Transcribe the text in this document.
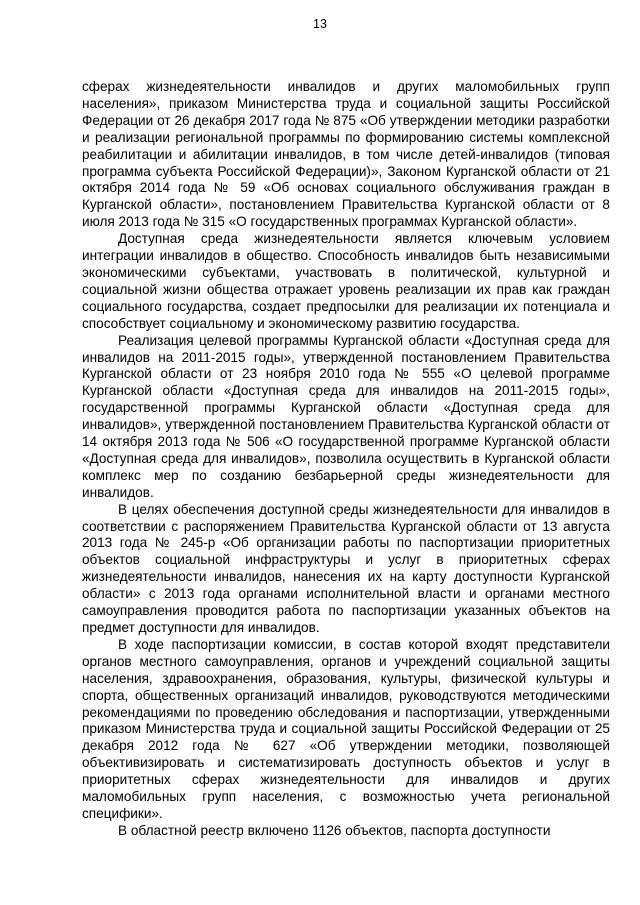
13

сферах жизнедеятельности инвалидов и других маломобильных групп населения», приказом Министерства труда и социальной защиты Российской Федерации от 26 декабря 2017 года № 875 «Об утверждении методики разработки и реализации региональной программы по формированию системы комплексной реабилитации и абилитации инвалидов, в том числе детей-инвалидов (типовая программа субъекта Российской Федерации)», Законом Курганской области от 21 октября 2014 года № 59 «Об основах социального обслуживания граждан в Курганской области», постановлением Правительства Курганской области от 8 июля 2013 года № 315 «О государственных программах Курганской области».

Доступная среда жизнедеятельности является ключевым условием интеграции инвалидов в общество. Способность инвалидов быть независимыми экономическими субъектами, участвовать в политической, культурной и социальной жизни общества отражает уровень реализации их прав как граждан социального государства, создает предпосылки для реализации их потенциала и способствует социальному и экономическому развитию государства.

Реализация целевой программы Курганской области «Доступная среда для инвалидов на 2011-2015 годы», утвержденной постановлением Правительства Курганской области от 23 ноября 2010 года № 555 «О целевой программе Курганской области «Доступная среда для инвалидов на 2011-2015 годы», государственной программы Курганской области «Доступная среда для инвалидов», утвержденной постановлением Правительства Курганской области от 14 октября 2013 года № 506 «О государственной программе Курганской области «Доступная среда для инвалидов», позволила осуществить в Курганской области комплекс мер по созданию безбарьерной среды жизнедеятельности для инвалидов.

В целях обеспечения доступной среды жизнедеятельности для инвалидов в соответствии с распоряжением Правительства Курганской области от 13 августа 2013 года № 245-р «Об организации работы по паспортизации приоритетных объектов социальной инфраструктуры и услуг в приоритетных сферах жизнедеятельности инвалидов, нанесения их на карту доступности Курганской области» с 2013 года органами исполнительной власти и органами местного самоуправления проводится работа по паспортизации указанных объектов на предмет доступности для инвалидов.

В ходе паспортизации комиссии, в состав которой входят представители органов местного самоуправления, органов и учреждений социальной защиты населения, здравоохранения, образования, культуры, физической культуры и спорта, общественных организаций инвалидов, руководствуются методическими рекомендациями по проведению обследования и паспортизации, утвержденными приказом Министерства труда и социальной защиты Российской Федерации от 25 декабря 2012 года № 627 «Об утверждении методики, позволяющей объективизировать и систематизировать доступность объектов и услуг в приоритетных сферах жизнедеятельности для инвалидов и других маломобильных групп населения, с возможностью учета региональной специфики».

В областной реестр включено 1126 объектов, паспорта доступности
